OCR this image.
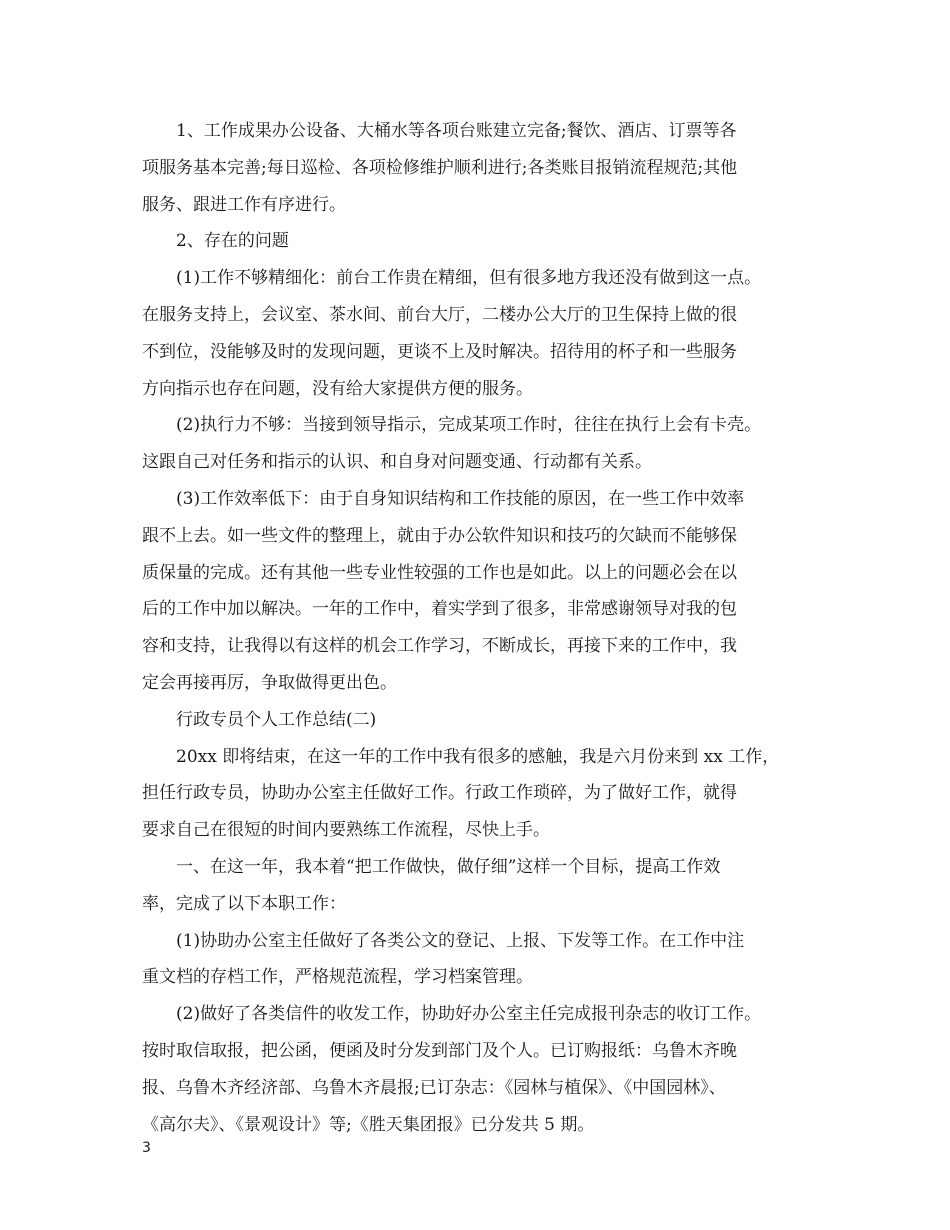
1、工作成果办公设备、大桶水等各项台账建立完备;餐饮、酒店、订票等各
项服务基本完善;每日巡检、各项检修维护顺利进行;各类账目报销流程规范;其他
服务、跟进工作有序进行。
2、存在的问题
(1)工作不够精细化：前台工作贵在精细，但有很多地方我还没有做到这一点。
在服务支持上，会议室、茶水间、前台大厅，二楼办公大厅的卫生保持上做的很
不到位，没能够及时的发现问题，更谈不上及时解决。招待用的杯子和一些服务
方向指示也存在问题，没有给大家提供方便的服务。
(2)执行力不够：当接到领导指示，完成某项工作时，往往在执行上会有卡壳。
这跟自己对任务和指示的认识、和自身对问题变通、行动都有关系。
(3)工作效率低下：由于自身知识结构和工作技能的原因，在一些工作中效率
跟不上去。如一些文件的整理上，就由于办公软件知识和技巧的欠缺而不能够保
质保量的完成。还有其他一些专业性较强的工作也是如此。以上的问题必会在以
后的工作中加以解决。一年的工作中，着实学到了很多，非常感谢领导对我的包
容和支持，让我得以有这样的机会工作学习，不断成长，再接下来的工作中，我
定会再接再厉，争取做得更出色。
行政专员个人工作总结(二)
20xx 即将结束，在这一年的工作中我有很多的感触，我是六月份来到 xx 工作，
担任行政专员，协助办公室主任做好工作。行政工作琐碎，为了做好工作，就得
要求自己在很短的时间内要熟练工作流程，尽快上手。
一、在这一年，我本着“把工作做快，做仔细”这样一个目标，提高工作效
率，完成了以下本职工作：
(1)协助办公室主任做好了各类公文的登记、上报、下发等工作。在工作中注
重文档的存档工作，严格规范流程，学习档案管理。
(2)做好了各类信件的收发工作，协助好办公室主任完成报刊杂志的收订工作。
按时取信取报，把公函，便函及时分发到部门及个人。已订购报纸：乌鲁木齐晚
报、乌鲁木齐经济部、乌鲁木齐晨报;已订杂志：《园林与植保》、《中国园林》、
《高尔夫》、《景观设计》等;《胜天集团报》已分发共 5 期。
3
